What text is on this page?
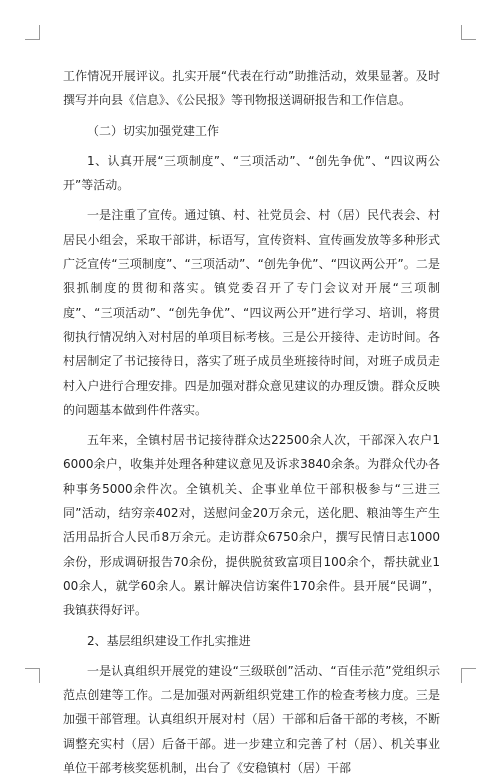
工作情况开展评议。扎实开展“代表在行动”助推活动，效果显著。及时撰写并向县《信息》、《公民报》等刊物报送调研报告和工作信息。

（二）切实加强党建工作

1、认真开展“三项制度”、“三项活动”、“创先争优”、“四议两公开”等活动。

一是注重了宣传。通过镇、村、社党员会、村（居）民代表会、村居民小组会，采取干部讲，标语写，宣传资料、宣传画发放等多种形式广泛宣传“三项制度”、“三项活动”、“创先争优”、“四议两公开”。二是狠抓制度的贯彻和落实。镇党委召开了专门会议对开展“三项制度”、“三项活动”、“创先争优”、“四议两公开”进行学习、培训，将贯彻执行情况纳入对村居的单项目标考核。三是公开接待、走访时间。各村居制定了书记接待日，落实了班子成员坐班接待时间，对班子成员走村入户进行合理安排。四是加强对群众意见建议的办理反馈。群众反映的问题基本做到件件落实。

五年来，全镇村居书记接待群众达22500余人次，干部深入农户16000余户，收集并处理各种建议意见及诉求3840余条。为群众代办各种事务5000余件次。全镇机关、企事业单位干部积极参与“三进三同”活动，结穷亲402对，送慰问金20万余元，送化肥、粮油等生产生活用品折合人民币8万余元。走访群众6750余户，撰写民情日志1000余份，形成调研报告70余份，提供脱贫致富项目100余个，帮扶就业100余人，就学60余人。累计解决信访案件170余件。县开展“民调”，我镇获得好评。

2、基层组织建设工作扎实推进

一是认真组织开展党的建设“三级联创”活动、“百佳示范”党组织示范点创建等工作。二是加强对两新组织党建工作的检查考核力度。三是加强干部管理。认真组织开展对村（居）干部和后备干部的考核，不断调整充实村（居）后备干部。进一步建立和完善了村（居）、机关事业单位干部考核奖惩机制，出台了《安稳镇村（居）干部
